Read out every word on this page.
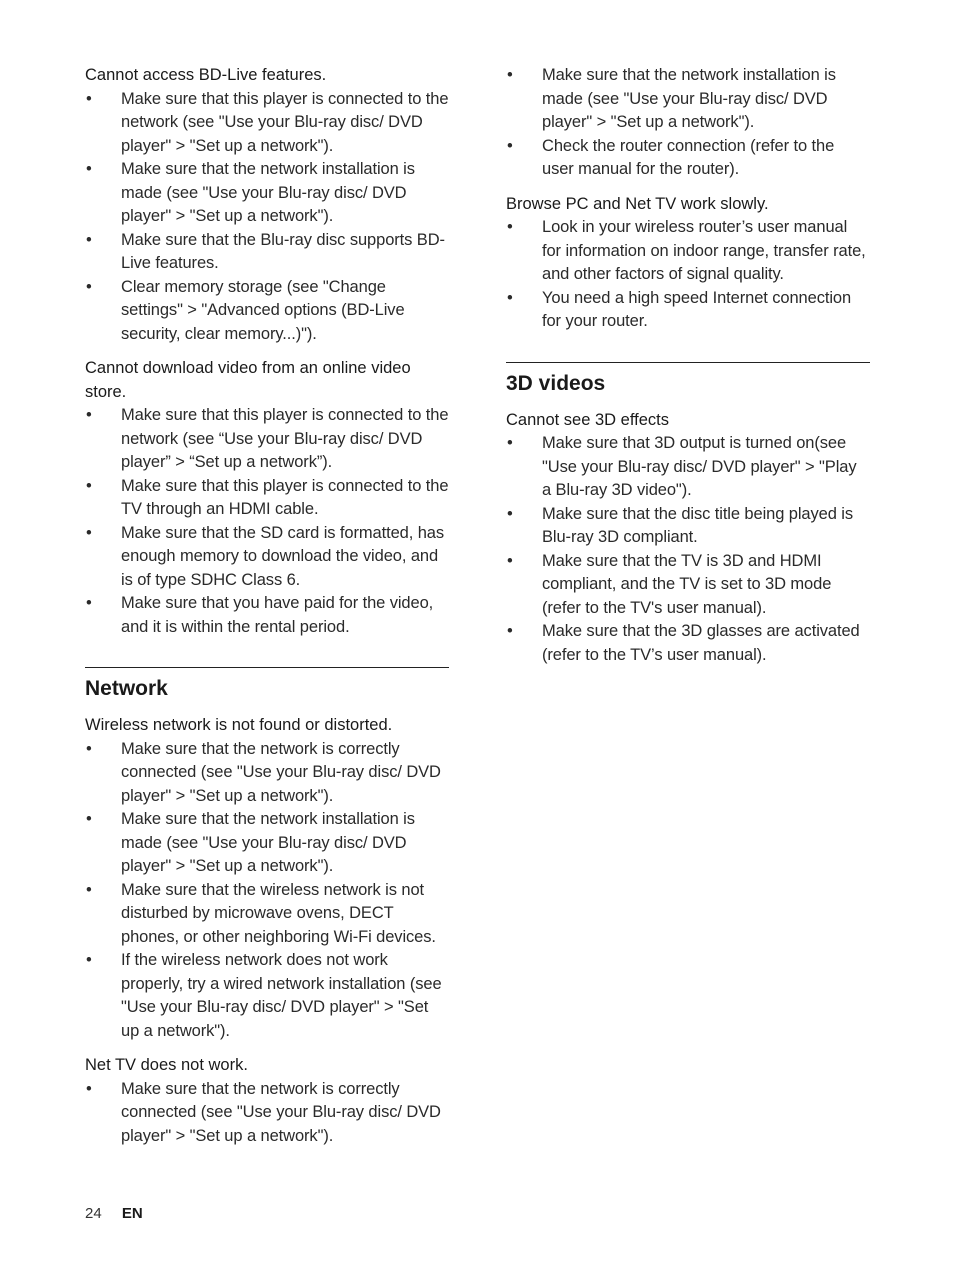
Cannot access BD-Live features.

•	Make sure that this player is connected to the network (see "Use your Blu-ray disc/ DVD player" > "Set up a network").
•	Make sure that the network installation is made (see "Use your Blu-ray disc/ DVD player" > "Set up a network").
•	Make sure that the Blu-ray disc supports BD-Live features.
•	Clear memory storage (see "Change settings" > "Advanced options (BD-Live security, clear memory...)").

Cannot download video from an online video store.

•	Make sure that this player is connected to the network (see “Use your Blu-ray disc/ DVD player” > “Set up a network”).
•	Make sure that this player is connected to the TV through an HDMI cable.
•	Make sure that the SD card is formatted, has enough memory to download the video, and is of type SDHC Class 6.
•	Make sure that you have paid for the video, and it is within the rental period.
Network

Wireless network is not found or distorted.

•	Make sure that the network is correctly connected (see "Use your Blu-ray disc/ DVD player" > "Set up a network").
•	Make sure that the network installation is made (see "Use your Blu-ray disc/ DVD player" > "Set up a network").
•	Make sure that the wireless network is not disturbed by microwave ovens, DECT phones, or other neighboring Wi-Fi devices.
•	If the wireless network does not work properly, try a wired network installation (see "Use your Blu-ray disc/ DVD player" > "Set up a network").

Net TV does not work.

•	Make sure that the network is correctly connected (see "Use your Blu-ray disc/ DVD player" > "Set up a network").
•	Make sure that the network installation is made (see "Use your Blu-ray disc/ DVD player" > "Set up a network").
•	Check the router connection (refer to the user manual for the router).

Browse PC and Net TV work slowly.

•	Look in your wireless router’s user manual for information on indoor range, transfer rate, and other factors of signal quality.
•	You need a high speed Internet connection for your router.
3D videos

Cannot see 3D effects

•	Make sure that 3D output is turned on(see "Use your Blu-ray disc/ DVD player" > "Play a Blu-ray 3D video").
•	Make sure that the disc title being played is Blu-ray 3D compliant.
•	Make sure that the TV is 3D and HDMI compliant, and the TV is set to 3D mode (refer to the TV's user manual).
•	Make sure that the 3D glasses are activated (refer to the TV’s user manual).
24 EN
